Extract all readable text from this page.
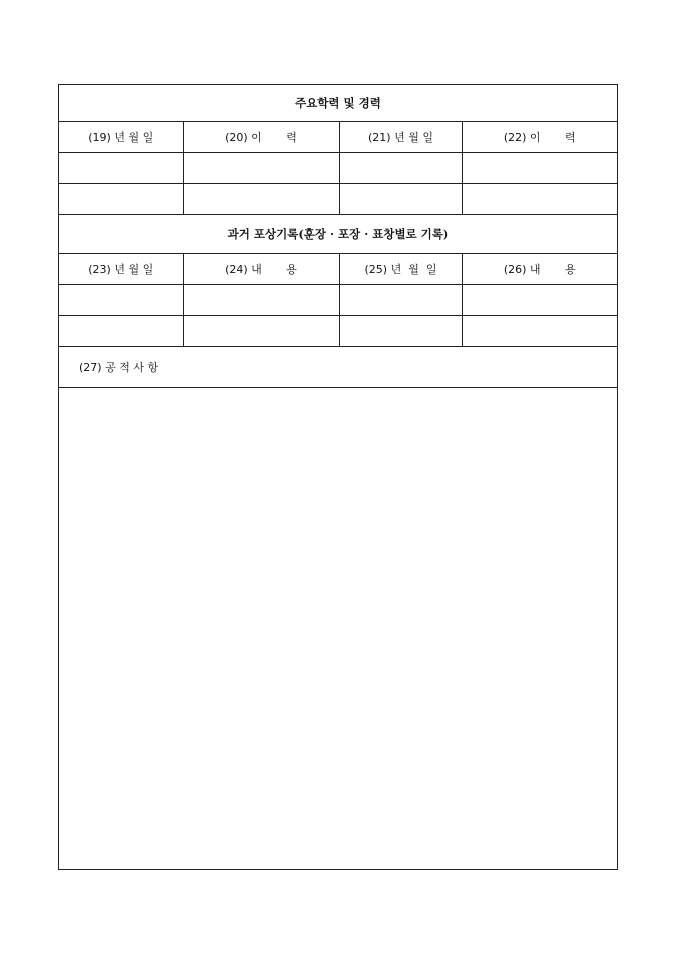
주요학력 및 경력			
(19) 년 월 일	(20) 이       력	(21) 년 월 일	(22) 이       력

과거 포상기록(훈장 · 포장 · 표창별로 기록)			
(23) 년 월 일	(24) 내       용	(25) 년  월  일	(26) 내       용

(27) 공 적 사 항			
